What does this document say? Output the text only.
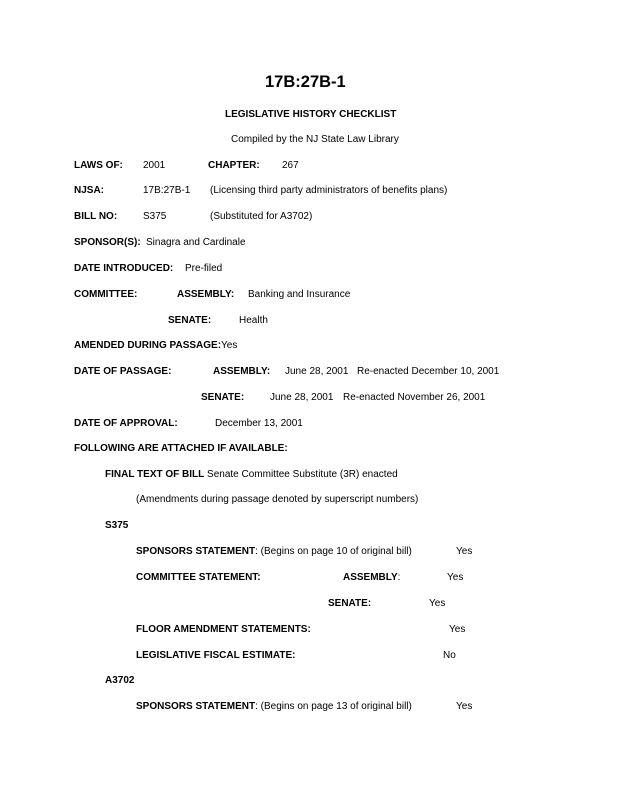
17B:27B-1
LEGISLATIVE HISTORY CHECKLIST
Compiled by the NJ State Law Library
LAWS OF: 2001	CHAPTER: 267
NJSA:	17B:27B-1 (Licensing third party administrators of benefits plans)
BILL NO:	S375	(Substituted for A3702)
SPONSOR(S): Sinagra and Cardinale
DATE INTRODUCED: Pre-filed
COMMITTEE:	ASSEMBLY: Banking and Insurance
SENATE:	Health
AMENDED DURING PASSAGE: Yes
DATE OF PASSAGE:	ASSEMBLY: June 28, 2001 Re-enacted December 10, 2001
SENATE:	June 28, 2001 Re-enacted November 26, 2001
DATE OF APPROVAL:	December 13, 2001
FOLLOWING ARE ATTACHED IF AVAILABLE:
FINAL TEXT OF BILL Senate Committee Substitute (3R) enacted
(Amendments during passage denoted by superscript numbers)
S375
SPONSORS STATEMENT: (Begins on page 10 of original bill)	Yes
COMMITTEE STATEMENT:	ASSEMBLY:	Yes
SENATE:	Yes
FLOOR AMENDMENT STATEMENTS:	Yes
LEGISLATIVE FISCAL ESTIMATE:	No
A3702
SPONSORS STATEMENT: (Begins on page 13 of original bill)	Yes
